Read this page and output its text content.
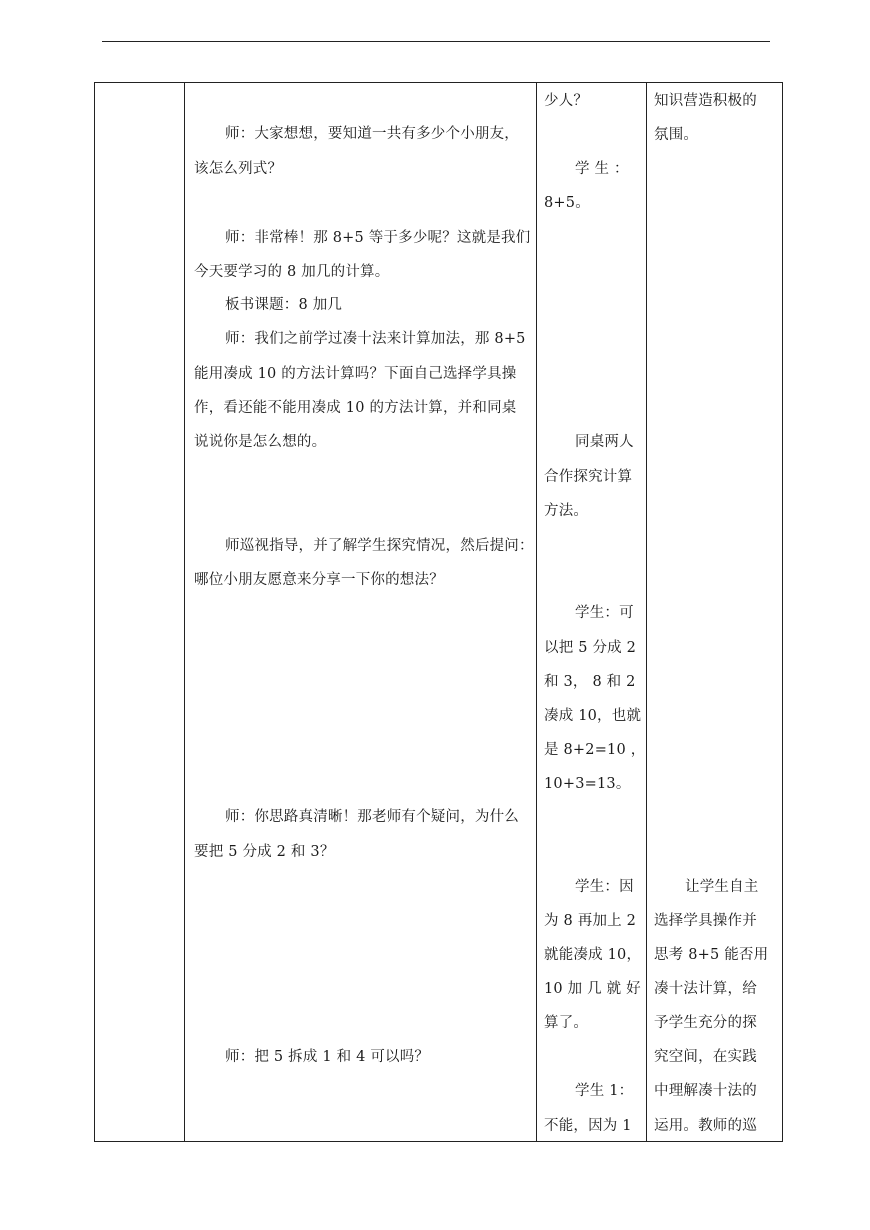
师：大家想想，要知道一共有多少个小朋友，
该怎么列式？
师：非常棒！那 8+5 等于多少呢？这就是我们
今天要学习的 8 加几的计算。
板书课题：8 加几
师：我们之前学过凑十法来计算加法，那 8+5
能用凑成 10 的方法计算吗？下面自己选择学具操
作，看还能不能用凑成 10 的方法计算，并和同桌
说说你是怎么想的。
师巡视指导，并了解学生探究情况，然后提问：
哪位小朋友愿意来分享一下你的想法？
师：你思路真清晰！那老师有个疑问，为什么
要把 5 分成 2 和 3？
师：把 5 拆成 1 和 4 可以吗？
少人？
学 生 ：
8+5。
同桌两人
合作探究计算
方法。
学生：可
以把 5 分成 2
和 3， 8 和 2
凑成 10，也就
是 8+2=10 ，
10+3=13。
学生：因
为 8 再加上 2
就能凑成 10，
10 加 几 就 好
算了。
学生 1：
不能，因为 1
知识营造积极的
氛围。
让学生自主
选择学具操作并
思考 8+5 能否用
凑十法计算，给
予学生充分的探
究空间，在实践
中理解凑十法的
运用。教师的巡
